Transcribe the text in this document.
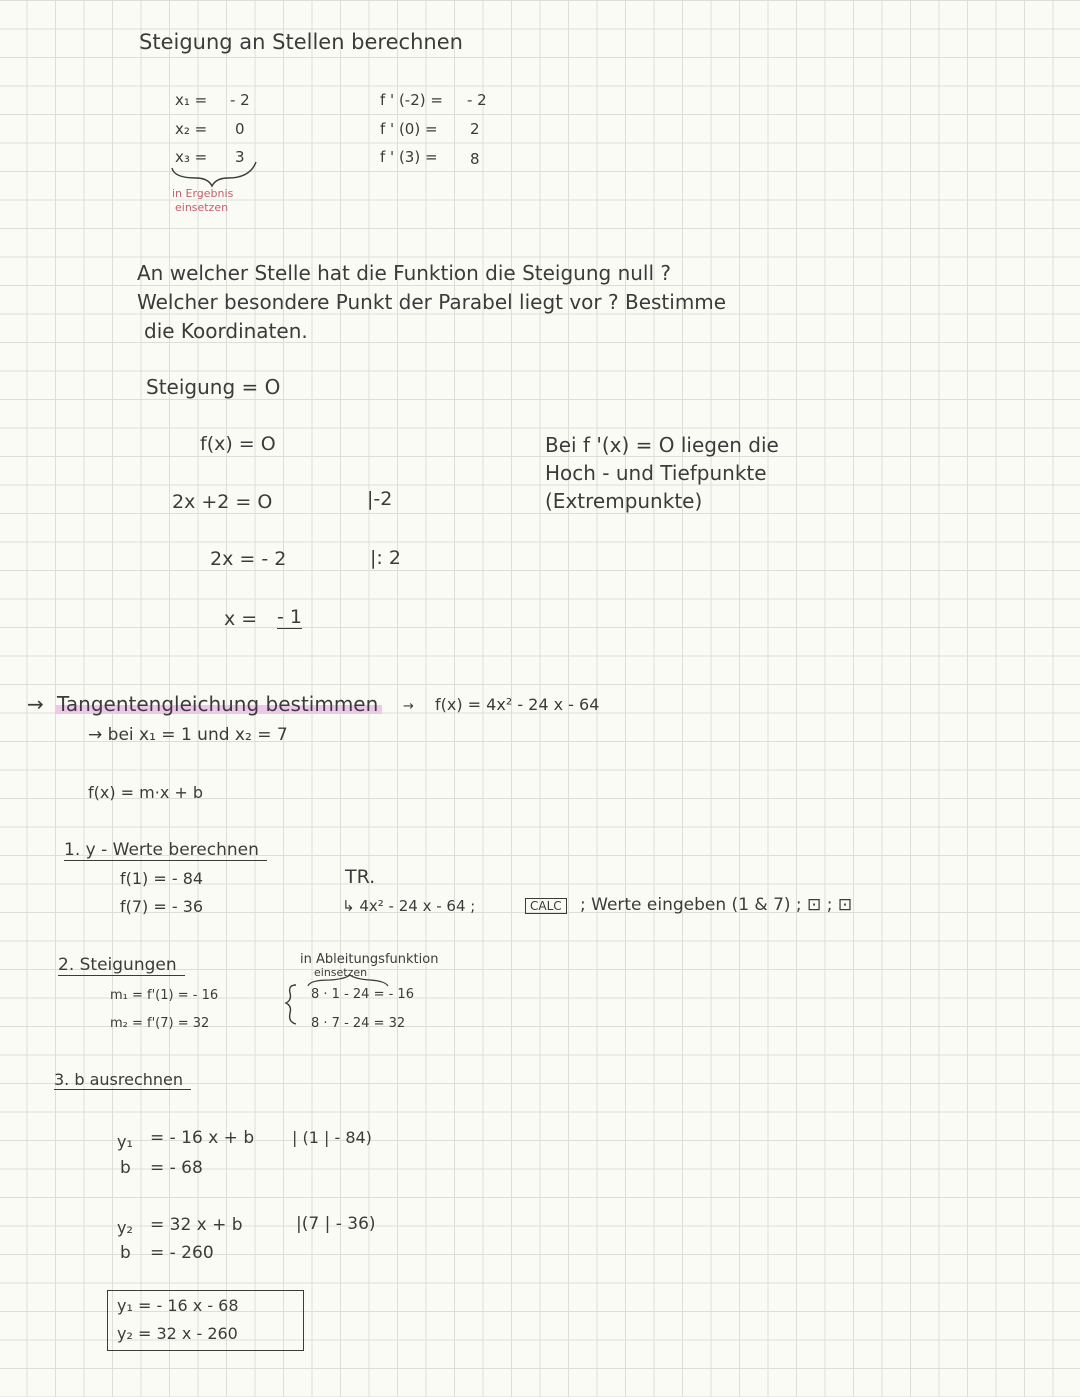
Steigung an Stellen berechnen
x₁ = - 2
x₂ = 0
x₃ = 3
in Ergebnis
einsetzen
f ' (-2) = - 2
f ' (0) = 2
f ' (3) = 8
An welcher Stelle hat die Funktion die Steigung null ?
Welcher besondere Punkt der Parabel liegt vor ? Bestimme
die Koordinaten.
Steigung = O
f(x) = O
2x +2 = O	|-2
2x = - 2	|: 2
x = - 1
Bei f '(x) = O liegen die
Hoch - und Tiefpunkte
(Extrempunkte)
→ Tangentengleichung bestimmen	→ f(x) = 4x² - 24 x - 64
→ bei x₁ = 1 und x₂ = 7
f(x) = m·x + b
1. y - Werte berechnen
f(1) = - 84
f(7) = - 36
TR.
↳ 4x² - 24 x - 64 ;	CALC ; Werte eingeben (1 & 7) ; ⊡ ; ⊡
2. Steigungen
m₁ = f'(1) = - 16
m₂ = f'(7) = 32
in Ableitungsfunktion
einsetzen
8 · 1 - 24 = - 16
8 · 7 - 24 = 32
3. b ausrechnen
y₁ = - 16 x + b | (1 | - 84)
b = - 68
y₂ = 32 x + b	|(7 | - 36)
b = - 260
y₁ = - 16 x - 68
y₂ = 32 x - 260
